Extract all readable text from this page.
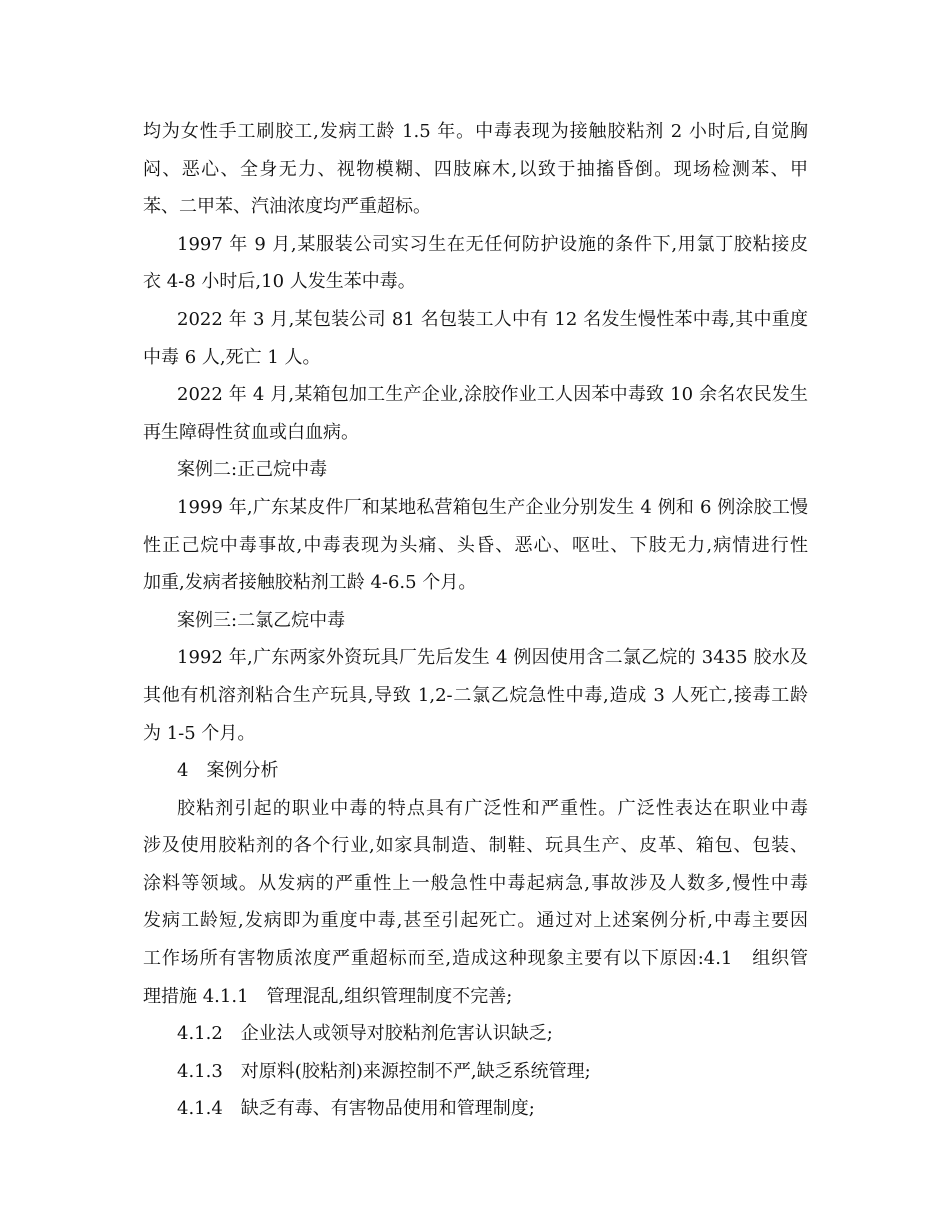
均为女性手工刷胶工,发病工龄 1.5 年。中毒表现为接触胶粘剂 2 小时后,自觉胸
闷、恶心、全身无力、视物模糊、四肢麻木,以致于抽搐昏倒。现场检测苯、甲
苯、二甲苯、汽油浓度均严重超标。
1997 年 9 月,某服装公司实习生在无任何防护设施的条件下,用氯丁胶粘接皮
衣 4-8 小时后,10 人发生苯中毒。
2022 年 3 月,某包装公司 81 名包装工人中有 12 名发生慢性苯中毒,其中重度
中毒 6 人,死亡 1 人。
2022 年 4 月,某箱包加工生产企业,涂胶作业工人因苯中毒致 10 余名农民发生
再生障碍性贫血或白血病。
案例二:正己烷中毒
1999 年,广东某皮件厂和某地私营箱包生产企业分别发生 4 例和 6 例涂胶工慢
性正己烷中毒事故,中毒表现为头痛、头昏、恶心、呕吐、下肢无力,病情进行性
加重,发病者接触胶粘剂工龄 4-6.5 个月。
案例三:二氯乙烷中毒
1992 年,广东两家外资玩具厂先后发生 4 例因使用含二氯乙烷的 3435 胶水及
其他有机溶剂粘合生产玩具,导致 1,2-二氯乙烷急性中毒,造成 3 人死亡,接毒工龄
为 1-5 个月。
4　案例分析
胶粘剂引起的职业中毒的特点具有广泛性和严重性。广泛性表达在职业中毒
涉及使用胶粘剂的各个行业,如家具制造、制鞋、玩具生产、皮革、箱包、包装、
涂料等领域。从发病的严重性上一般急性中毒起病急,事故涉及人数多,慢性中毒
发病工龄短,发病即为重度中毒,甚至引起死亡。通过对上述案例分析,中毒主要因
工作场所有害物质浓度严重超标而至,造成这种现象主要有以下原因:4.1　组织管
理措施 4.1.1　管理混乱,组织管理制度不完善;
4.1.2　企业法人或领导对胶粘剂危害认识缺乏;
4.1.3　对原料(胶粘剂)来源控制不严,缺乏系统管理;
4.1.4　缺乏有毒、有害物品使用和管理制度;
